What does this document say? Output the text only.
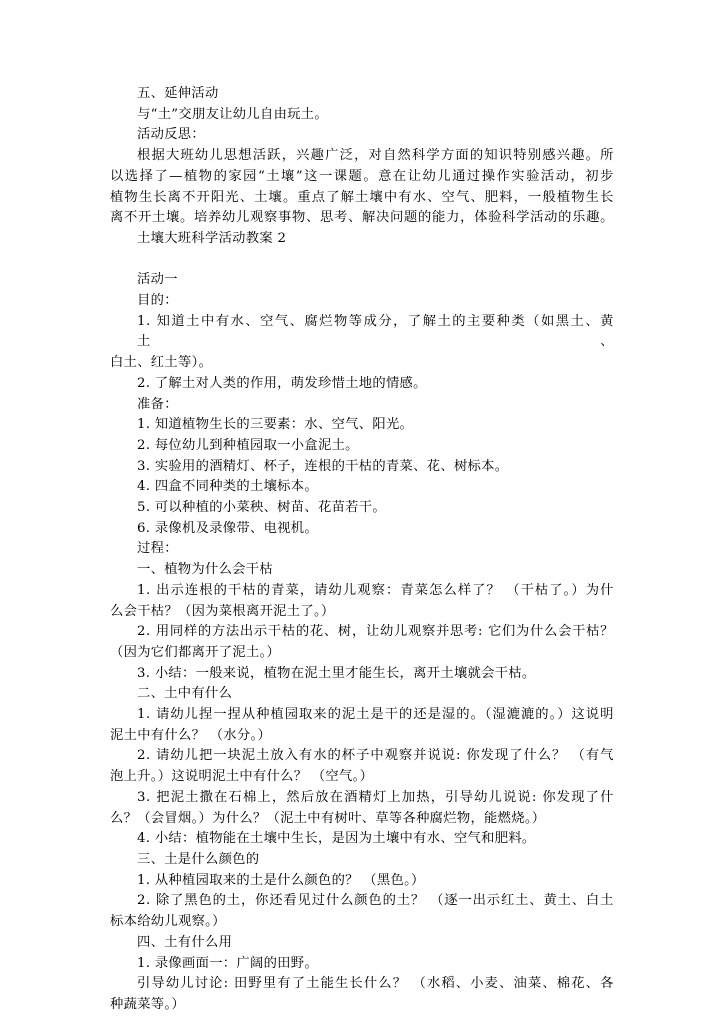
五、延伸活动
与“土”交朋友让幼儿自由玩土。
活动反思：
根据大班幼儿思想活跃，兴趣广泛，对自然科学方面的知识特别感兴趣。所
以选择了—植物的家园“土壤”这一课题。意在让幼儿通过操作实验活动，初步
植物生长离不开阳光、土壤。重点了解土壤中有水、空气、肥料，一般植物生长
离不开土壤。培养幼儿观察事物、思考、解决问题的能力，体验科学活动的乐趣。
土壤大班科学活动教案 2
活动一
目的：
1. 知道土中有水、空气、腐烂物等成分，了解土的主要种类（如黑土、黄土、
白土、红土等）。
2. 了解土对人类的作用，萌发珍惜土地的情感。
准备：
1. 知道植物生长的三要素：水、空气、阳光。
2. 每位幼儿到种植园取一小盒泥土。
3. 实验用的酒精灯、杯子，连根的干枯的青菜、花、树标本。
4. 四盒不同种类的土壤标本。
5. 可以种植的小菜秧、树苗、花苗若干。
6. 录像机及录像带、电视机。
过程：
一、植物为什么会干枯
1. 出示连根的干枯的青菜，请幼儿观察：青菜怎么样了？ （干枯了。）为什
么会干枯？（因为菜根离开泥土了。）
2. 用同样的方法出示干枯的花、树，让幼儿观察并思考: 它们为什么会干枯？
（因为它们都离开了泥土。）
3. 小结：一般来说，植物在泥土里才能生长，离开土壤就会干枯。
二、土中有什么
1. 请幼儿捏一捏从种植园取来的泥土是干的还是湿的。（湿漉漉的。）这说明
泥土中有什么？ （水分。）
2. 请幼儿把一块泥土放入有水的杯子中观察并说说: 你发现了什么？ （有气
泡上升。）这说明泥土中有什么？ （空气。）
3. 把泥土撒在石棉上，然后放在酒精灯上加热，引导幼儿说说: 你发现了什
么？（会冒烟。）为什么？（泥土中有树叶、草等各种腐烂物，能燃烧。）
4. 小结：植物能在土壤中生长，是因为土壤中有水、空气和肥料。
三、土是什么颜色的
1. 从种植园取来的土是什么颜色的？ （黑色。）
2. 除了黑色的土，你还看见过什么颜色的土？ （逐一出示红土、黄土、白土
标本给幼儿观察。）
四、土有什么用
1. 录像画面一：广阔的田野。
引导幼儿讨论: 田野里有了土能生长什么？ （水稻、小麦、油菜、棉花、各
种蔬菜等。）
